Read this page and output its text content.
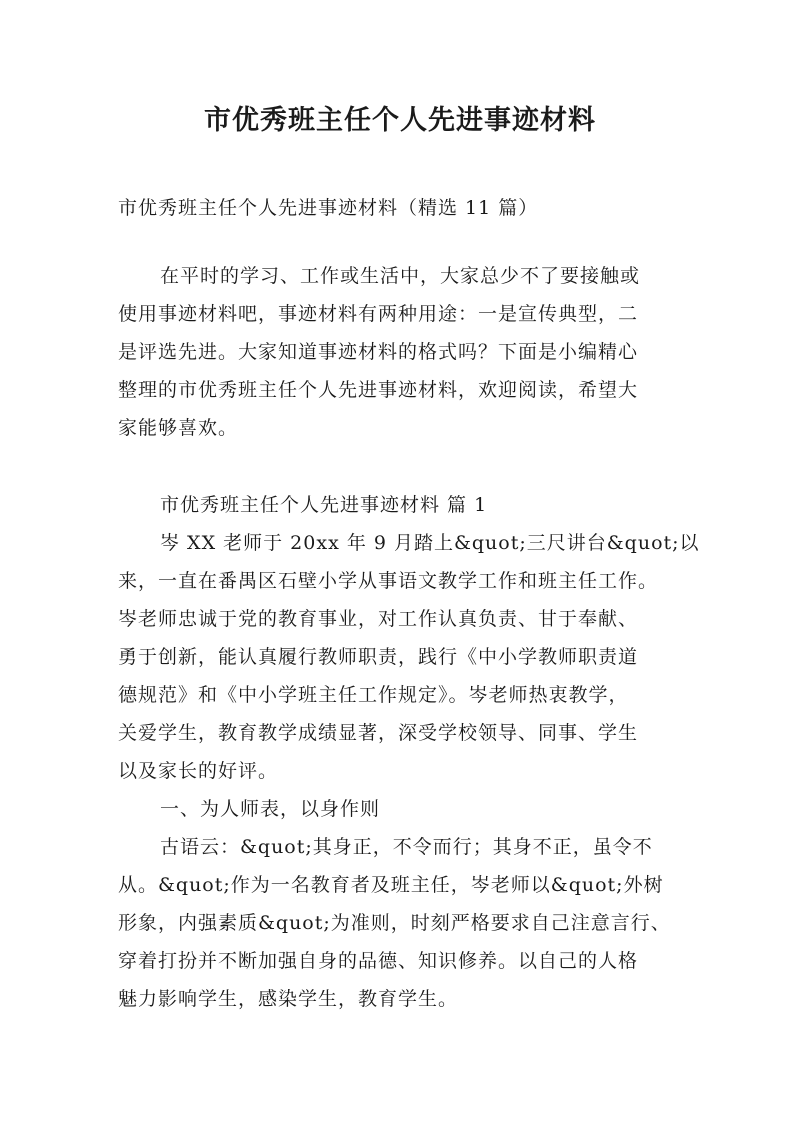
市优秀班主任个人先进事迹材料
市优秀班主任个人先进事迹材料（精选 11 篇）
在平时的学习、工作或生活中，大家总少不了要接触或
使用事迹材料吧，事迹材料有两种用途：一是宣传典型，二
是评选先进。大家知道事迹材料的格式吗？下面是小编精心
整理的市优秀班主任个人先进事迹材料，欢迎阅读，希望大
家能够喜欢。
市优秀班主任个人先进事迹材料 篇 1
岑 XX 老师于 20xx 年 9 月踏上&quot;三尺讲台&quot;以
来，一直在番禺区石壁小学从事语文教学工作和班主任工作。
岑老师忠诚于党的教育事业，对工作认真负责、甘于奉献、
勇于创新，能认真履行教师职责，践行《中小学教师职责道
德规范》和《中小学班主任工作规定》。岑老师热衷教学，
关爱学生，教育教学成绩显著，深受学校领导、同事、学生
以及家长的好评。
一、为人师表，以身作则
古语云：&quot;其身正，不令而行；其身不正，虽令不
从。&quot;作为一名教育者及班主任，岑老师以&quot;外树
形象，内强素质&quot;为准则，时刻严格要求自己注意言行、
穿着打扮并不断加强自身的品德、知识修养。以自己的人格
魅力影响学生，感染学生，教育学生。
